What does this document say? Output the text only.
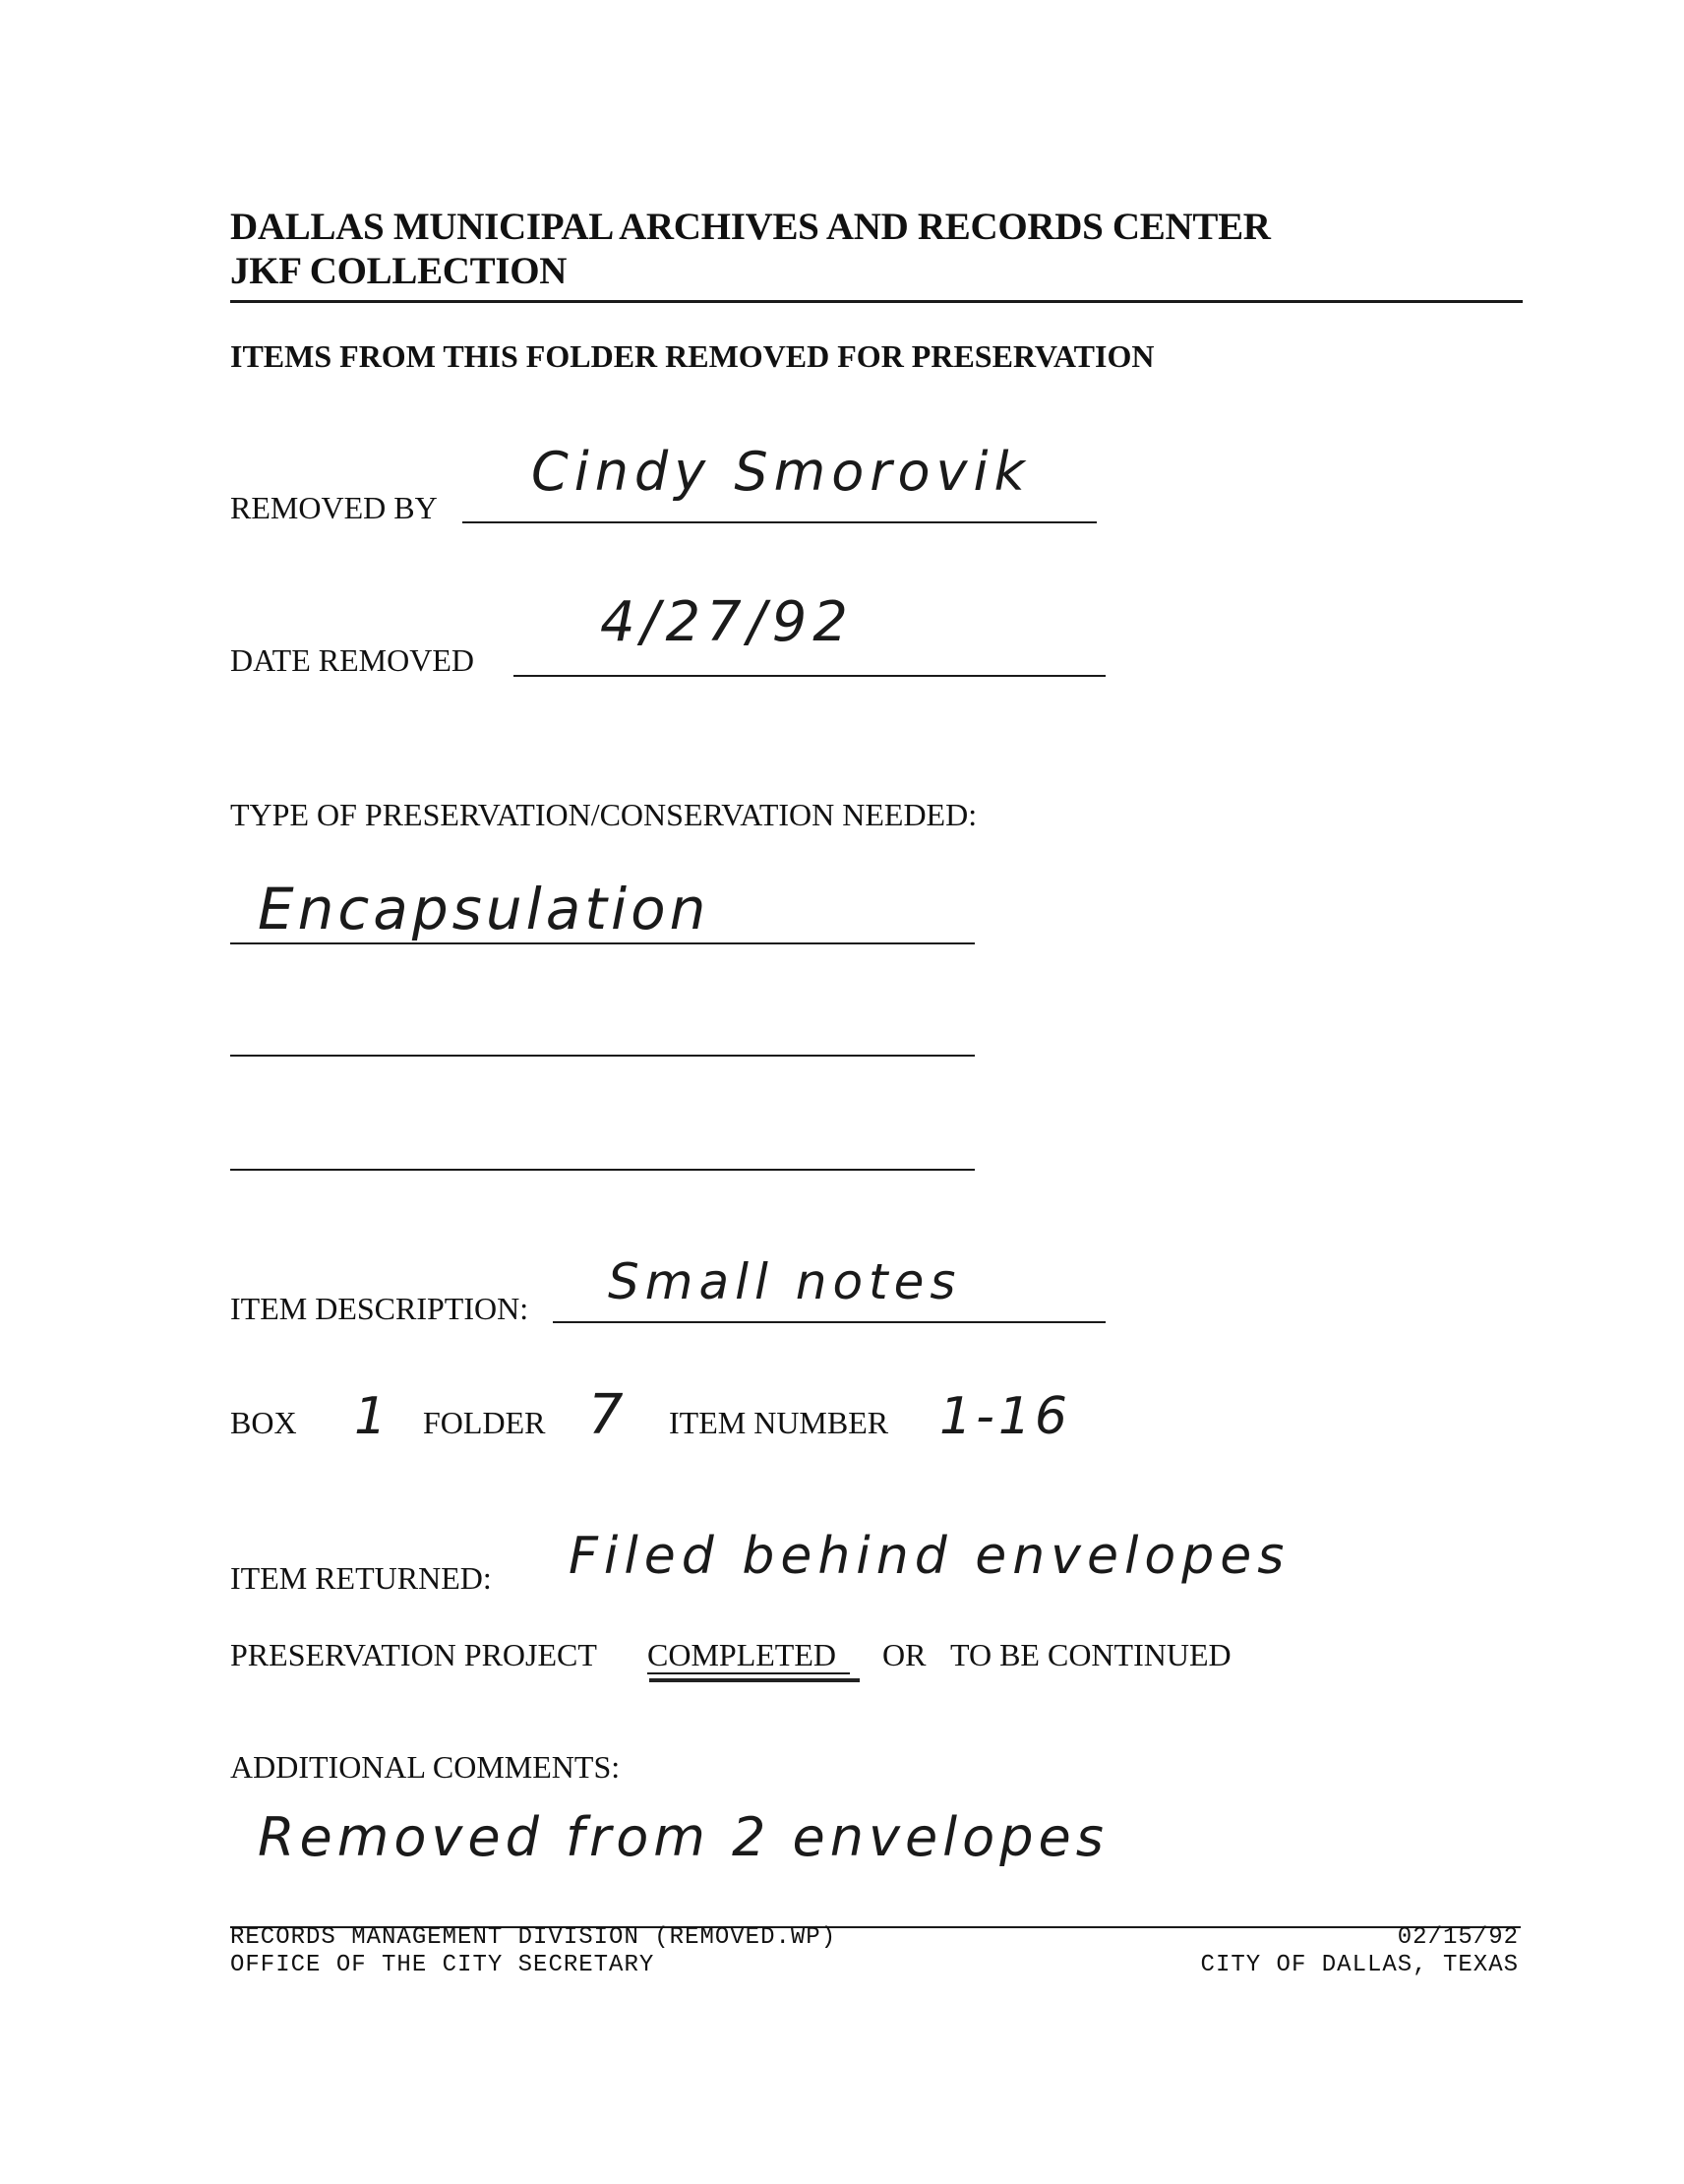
DALLAS MUNICIPAL ARCHIVES AND RECORDS CENTER
JKF COLLECTION
ITEMS FROM THIS FOLDER REMOVED FOR PRESERVATION
REMOVED BY
Cindy Smorovik
DATE REMOVED
4/27/92
TYPE OF PRESERVATION/CONSERVATION NEEDED:
Encapsulation
ITEM DESCRIPTION: Small notes
BOX 1 FOLDER 7 ITEM NUMBER 1-16
ITEM RETURNED: Filed behind envelopes
PRESERVATION PROJECT COMPLETED OR TO BE CONTINUED
ADDITIONAL COMMENTS:
Removed from 2 envelopes
RECORDS MANAGEMENT DIVISION (REMOVED.WP)
OFFICE OF THE CITY SECRETARY
02/15/92
CITY OF DALLAS, TEXAS
